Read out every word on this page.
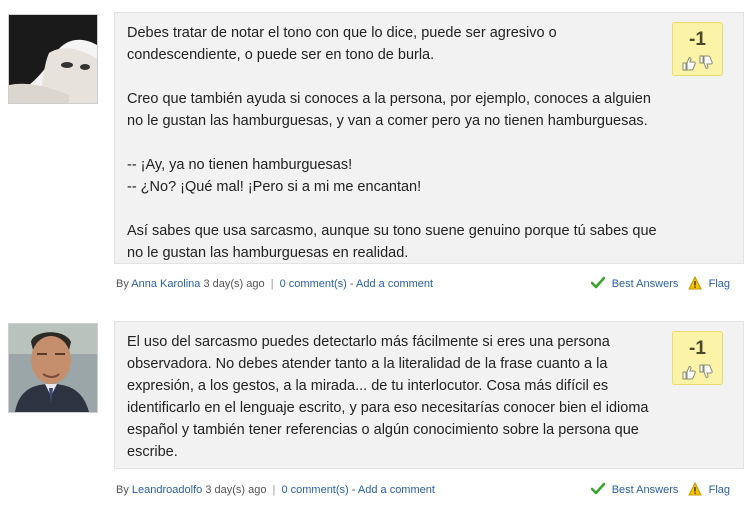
Debes tratar de notar el tono con que lo dice, puede ser agresivo o condescendiente, o puede ser en tono de burla.

Creo que también ayuda si conoces a la persona, por ejemplo, conoces a alguien no le gustan las hamburguesas, y van a comer pero ya no tienen hamburguesas.

-- ¡Ay, ya no tienen hamburguesas!
-- ¿No? ¡Qué mal! ¡Pero si a mi me encantan!

Así sabes que usa sarcasmo, aunque su tono suene genuino porque tú sabes que no le gustan las hamburguesas en realidad.

-1
By Anna Karolina 3 day(s) ago | 0 comment(s) - Add a comment	Best Answers	Flag

El uso del sarcasmo puedes detectarlo más fácilmente si eres una persona observadora. No debes atender tanto a la literalidad de la frase cuanto a la expresión, a los gestos, a la mirada... de tu interlocutor. Cosa más difícil es identificarlo en el lenguaje escrito, y para eso necesitarías conocer bien el idioma español y también tener referencias o algún conocimiento sobre la persona que escribe.

-1
By Leandroadolfo 3 day(s) ago | 0 comment(s) - Add a comment	Best Answers	Flag
